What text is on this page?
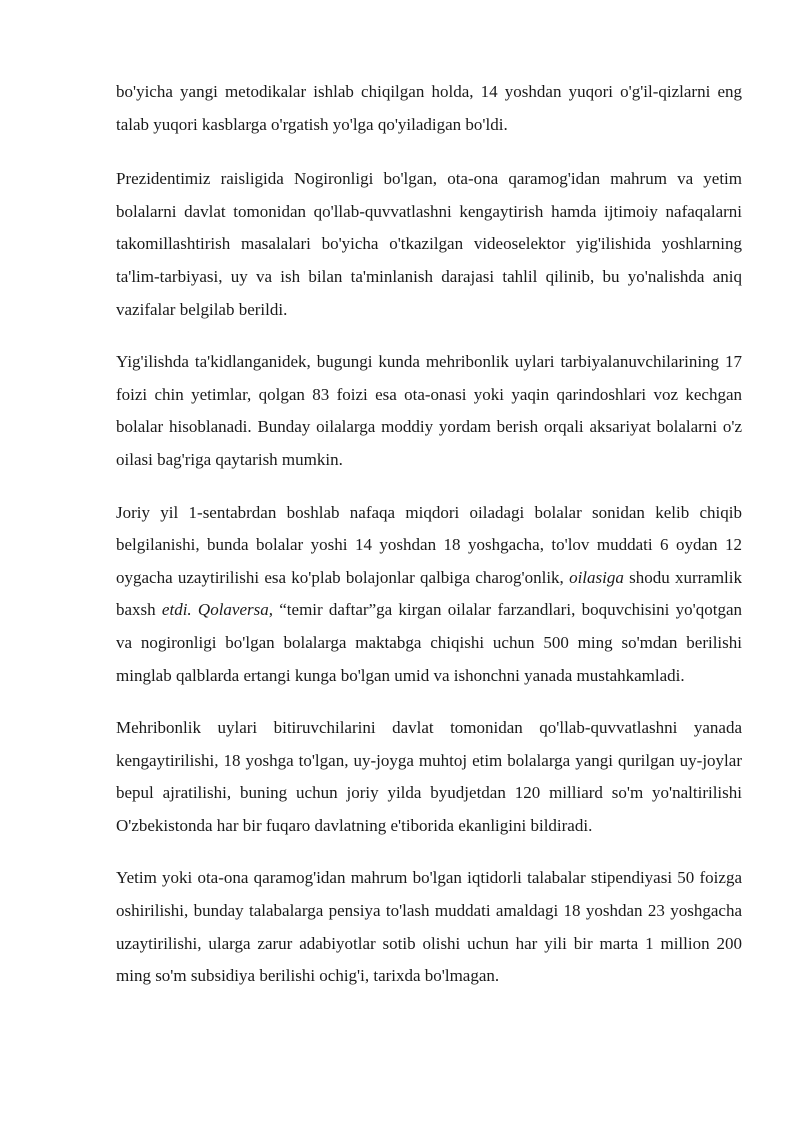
bo'yicha yangi metodikalar ishlab chiqilgan holda, 14 yoshdan yuqori o'g'il-qizlarni eng talab yuqori kasblarga o'rgatish yo'lga qo'yiladigan bo'ldi.

Prezidentimiz raisligida Nogironligi bo'lgan, ota-ona qaramog'idan mahrum va yetim bolalarni davlat tomonidan qo'llab-quvvatlashni kengaytirish hamda ijtimoiy nafaqalarni takomillashtirish masalalari bo'yicha o'tkazilgan videoselektor yig'ilishida yoshlarning ta'lim-tarbiyasi, uy va ish bilan ta'minlanish darajasi tahlil qilinib, bu yo'nalishda aniq vazifalar belgilab berildi.

Yig'ilishda ta'kidlanganidek, bugungi kunda mehribonlik uylari tarbiyalanuvchilarining 17 foizi chin yetimlar, qolgan 83 foizi esa ota-onasi yoki yaqin qarindoshlari voz kechgan bolalar hisoblanadi. Bunday oilalarga moddiy yordam berish orqali aksariyat bolalarni o'z oilasi bag'riga qaytarish mumkin.

Joriy yil 1-sentabrdan boshlab nafaqa miqdori oiladagi bolalar sonidan kelib chiqib belgilanishi, bunda bolalar yoshi 14 yoshdan 18 yoshgacha, to'lov muddati 6 oydan 12 oygacha uzaytirilishi esa ko'plab bolajonlar qalbiga charog'onlik, oilasiga shodu xurramlik baxsh etdi. Qolaversa, “temir daftar”ga kirgan oilalar farzandlari, boquvchisini yo'qotgan va nogironligi bo'lgan bolalarga maktabga chiqishi uchun 500 ming so'mdan berilishi minglab qalblarda ertangi kunga bo'lgan umid va ishonchni yanada mustahkamladi.

Mehribonlik uylari bitiruvchilarini davlat tomonidan qo'llab-quvvatlashni yanada kengaytirilishi, 18 yoshga to'lgan, uy-joyga muhtoj etim bolalarga yangi qurilgan uy-joylar bepul ajratilishi, buning uchun joriy yilda byudjetdan 120 milliard so'm yo'naltirilishi O'zbekistonda har bir fuqaro davlatning e'tiborida ekanligini bildiradi.

Yetim yoki ota-ona qaramog'idan mahrum bo'lgan iqtidorli talabalar stipendiyasi 50 foizga oshirilishi, bunday talabalarga pensiya to'lash muddati amaldagi 18 yoshdan 23 yoshgacha uzaytirilishi, ularga zarur adabiyotlar sotib olishi uchun har yili bir marta 1 million 200 ming so'm subsidiya berilishi ochig'i, tarixda bo'lmagan.
